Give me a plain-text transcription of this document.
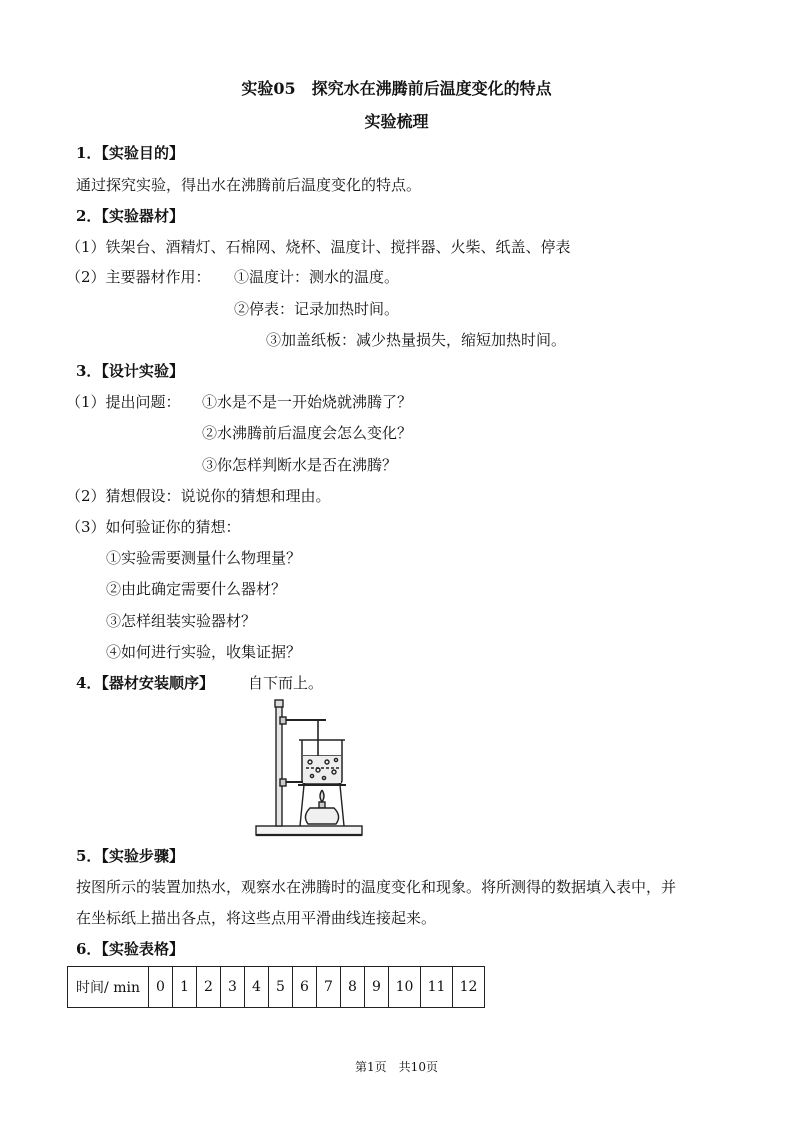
实验05　探究水在沸腾前后温度变化的特点
实验梳理
1．【实验目的】
通过探究实验，得出水在沸腾前后温度变化的特点。
2．【实验器材】
（1）铁架台、酒精灯、石棉网、烧杯、温度计、搅拌器、火柴、纸盖、停表
（2）主要器材作用： ①温度计：测水的温度。
②停表：记录加热时间。
③加盖纸板：减少热量损失，缩短加热时间。
3．【设计实验】
（1）提出问题： ①水是不是一开始烧就沸腾了？
②水沸腾前后温度会怎么变化？
③你怎样判断水是否在沸腾？
（2）猜想假设：说说你的猜想和理由。
（3）如何验证你的猜想：
①实验需要测量什么物理量？
②由此确定需要什么器材？
③怎样组装实验器材？
④如何进行实验，收集证据？
4．【器材安装顺序】 自下而上。
5．【实验步骤】
按图所示的装置加热水，观察水在沸腾时的温度变化和现象。将所测得的数据填入表中，并
在坐标纸上描出各点，将这些点用平滑曲线连接起来。
6．【实验表格】
时间/ min	0	1	2	3	4	5	6	7	8	9	10	11	12
第1页　共10页
